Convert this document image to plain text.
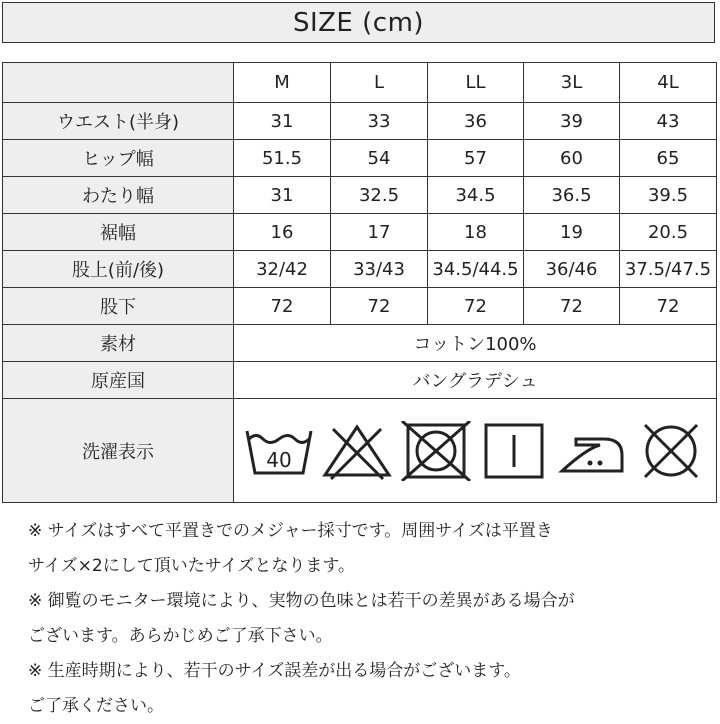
SIZE (cm)
	M	L	LL	3L	4L
ウエスト(半身)	31	33	36	39	43
ヒップ幅	51.5	54	57	60	65
わたり幅	31	32.5	34.5	36.5	39.5
裾幅	16	17	18	19	20.5
股上(前/後)	32/42	33/43	34.5/44.5	36/46	37.5/47.5
股下	72	72	72	72	72
素材	コットン100%				
原産国	バングラデシュ				
洗濯表示	40				
※ サイズはすべて平置きでのメジャー採寸です。周囲サイズは平置き
サイズ×2にして頂いたサイズとなります。
※ 御覧のモニター環境により、実物の色味とは若干の差異がある場合が
ございます。あらかじめご了承下さい。
※ 生産時期により、若干のサイズ誤差が出る場合がございます。
ご了承ください。
